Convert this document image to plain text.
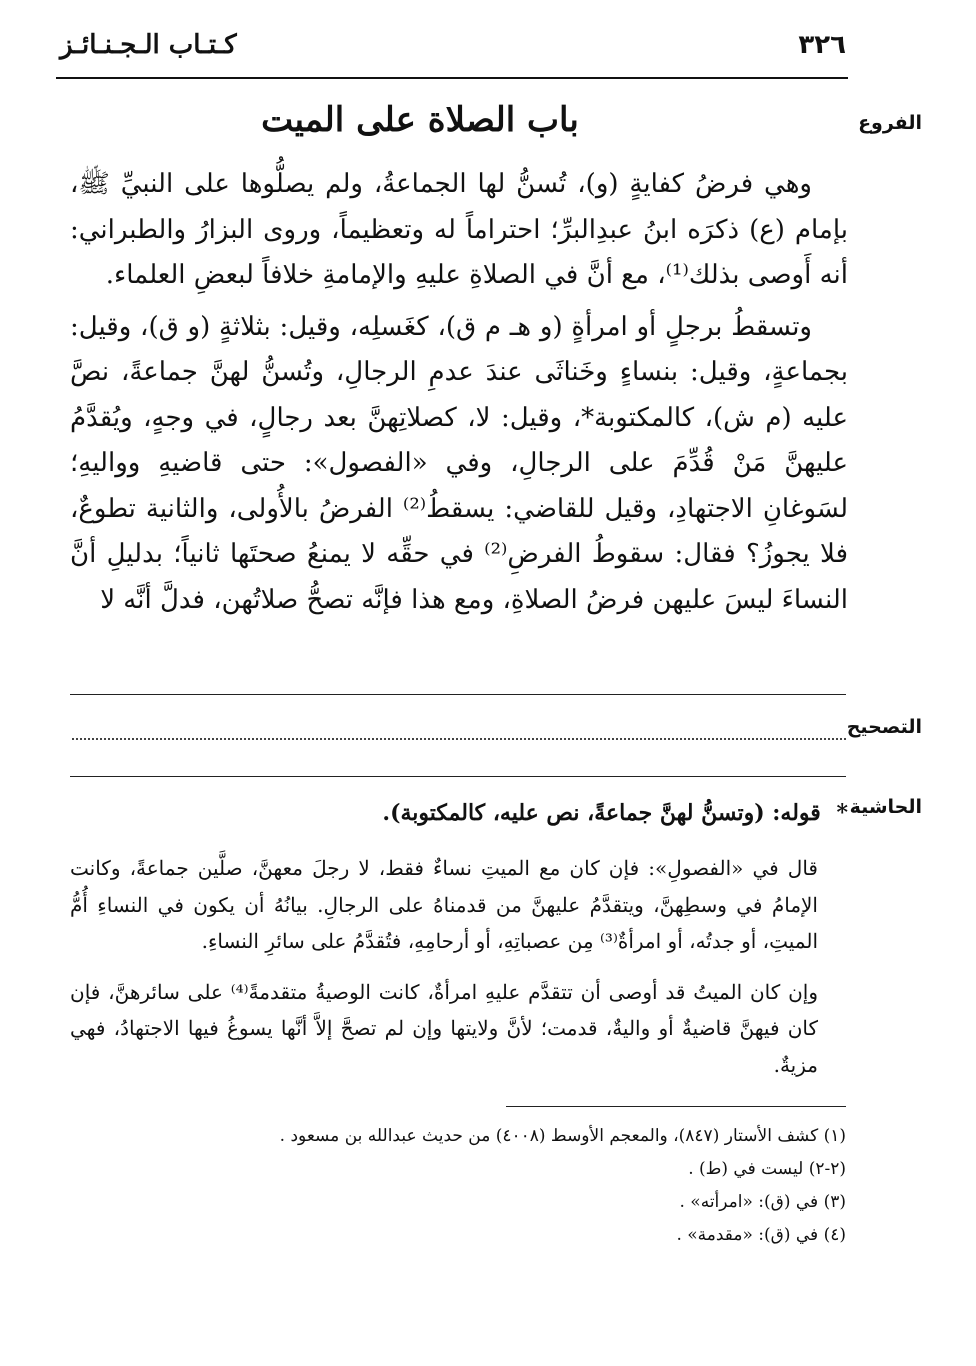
٣٢٦
كـتـاب الـجـنـائـز
الفروع
باب الصلاة على الميت

وهي فرضُ كفايةٍ (و)، تُسنُّ لها الجماعةُ، ولم يصلُّوها على النبيِّ ﷺ، بإمام (ع) ذكرَه ابنُ عبدِالبرِّ؛ احتراماً له وتعظيماً، وروى البزارُ والطبراني: أنه أَوصى بذلك⁽¹⁾، مع أنَّ في الصلاةِ عليهِ والإمامةِ خلافاً لبعضِ العلماء.

وتسقطُ برجلٍ أو امرأةٍ (و هـ م ق)، كغَسلِه، وقيل: بثلاثةٍ (و ق)، وقيل: بجماعةٍ، وقيل: بنساءٍ وخَناثَى عندَ عدمِ الرجالِ، وتُسنُّ لهنَّ جماعةً، نصَّ عليه (م ش)، كالمكتوبة*، وقيل: لا، كصلاتِهنَّ بعد رجالٍ، في وجهٍ، ويُقدَّمُ عليهنَّ مَنْ قُدِّمَ على الرجالِ، وفي «الفصول»: حتى قاضيهِ وواليهِ؛ لسَوغانِ الاجتهادِ، وقيل للقاضي: يسقطُ⁽²⁾ الفرضُ بالأُولى، والثانية تطوعٌ، فلا يجوزُ؟ فقال: سقوطُ الفرضِ⁽²⁾ في حقِّه لا يمنعُ صحتَها ثانياً؛ بدليلِ أنَّ النساءَ ليسَ عليهن فرضُ الصلاةِ، ومع هذا فإنَّه تصحُّ صلاتُهن، فدلَّ أنَّه لا

التصحيح
الحاشية
* قوله: (وتسنُّ لهنَّ جماعةً، نص عليه، كالمكتوبة).

قال في «الفصولِ»: فإن كان مع الميتِ نساءٌ فقط، لا رجلَ معهنَّ، صلَّين جماعةً، وكانت الإمامُ في وسطِهنَّ، ويتقدَّمُ عليهنَّ من قدمناهُ على الرجالِ. بيانُهُ أن يكون في النساءِ أُمُّ الميتِ، أو جدتُه، أو امرأةٌ⁽³⁾ مِن عصباتِهِ، أو أرحامِهِ، فتُقدَّمُ على سائرِ النساءِ.

وإن كان الميتُ قد أوصى أن تتقدَّم عليهِ امرأةٌ، كانت الوصيةُ متقدمةً⁽⁴⁾ على سائرهنَّ، فإن كان فيهنَّ قاضيةٌ أو واليةٌ، قدمت؛ لأنَّ ولايتها وإن لم تصحَّ إلاَّ أنَّها يسوغُ فيها الاجتهادُ، فهي مزيةٌ.

(١) كشف الأستار (٨٤٧)، والمعجم الأوسط (٤٠٠٨) من حديث عبدالله بن مسعود .
(٢-٢) ليست في (ط) .
(٣) في (ق): «امرأته» .
(٤) في (ق): «مقدمة» .
